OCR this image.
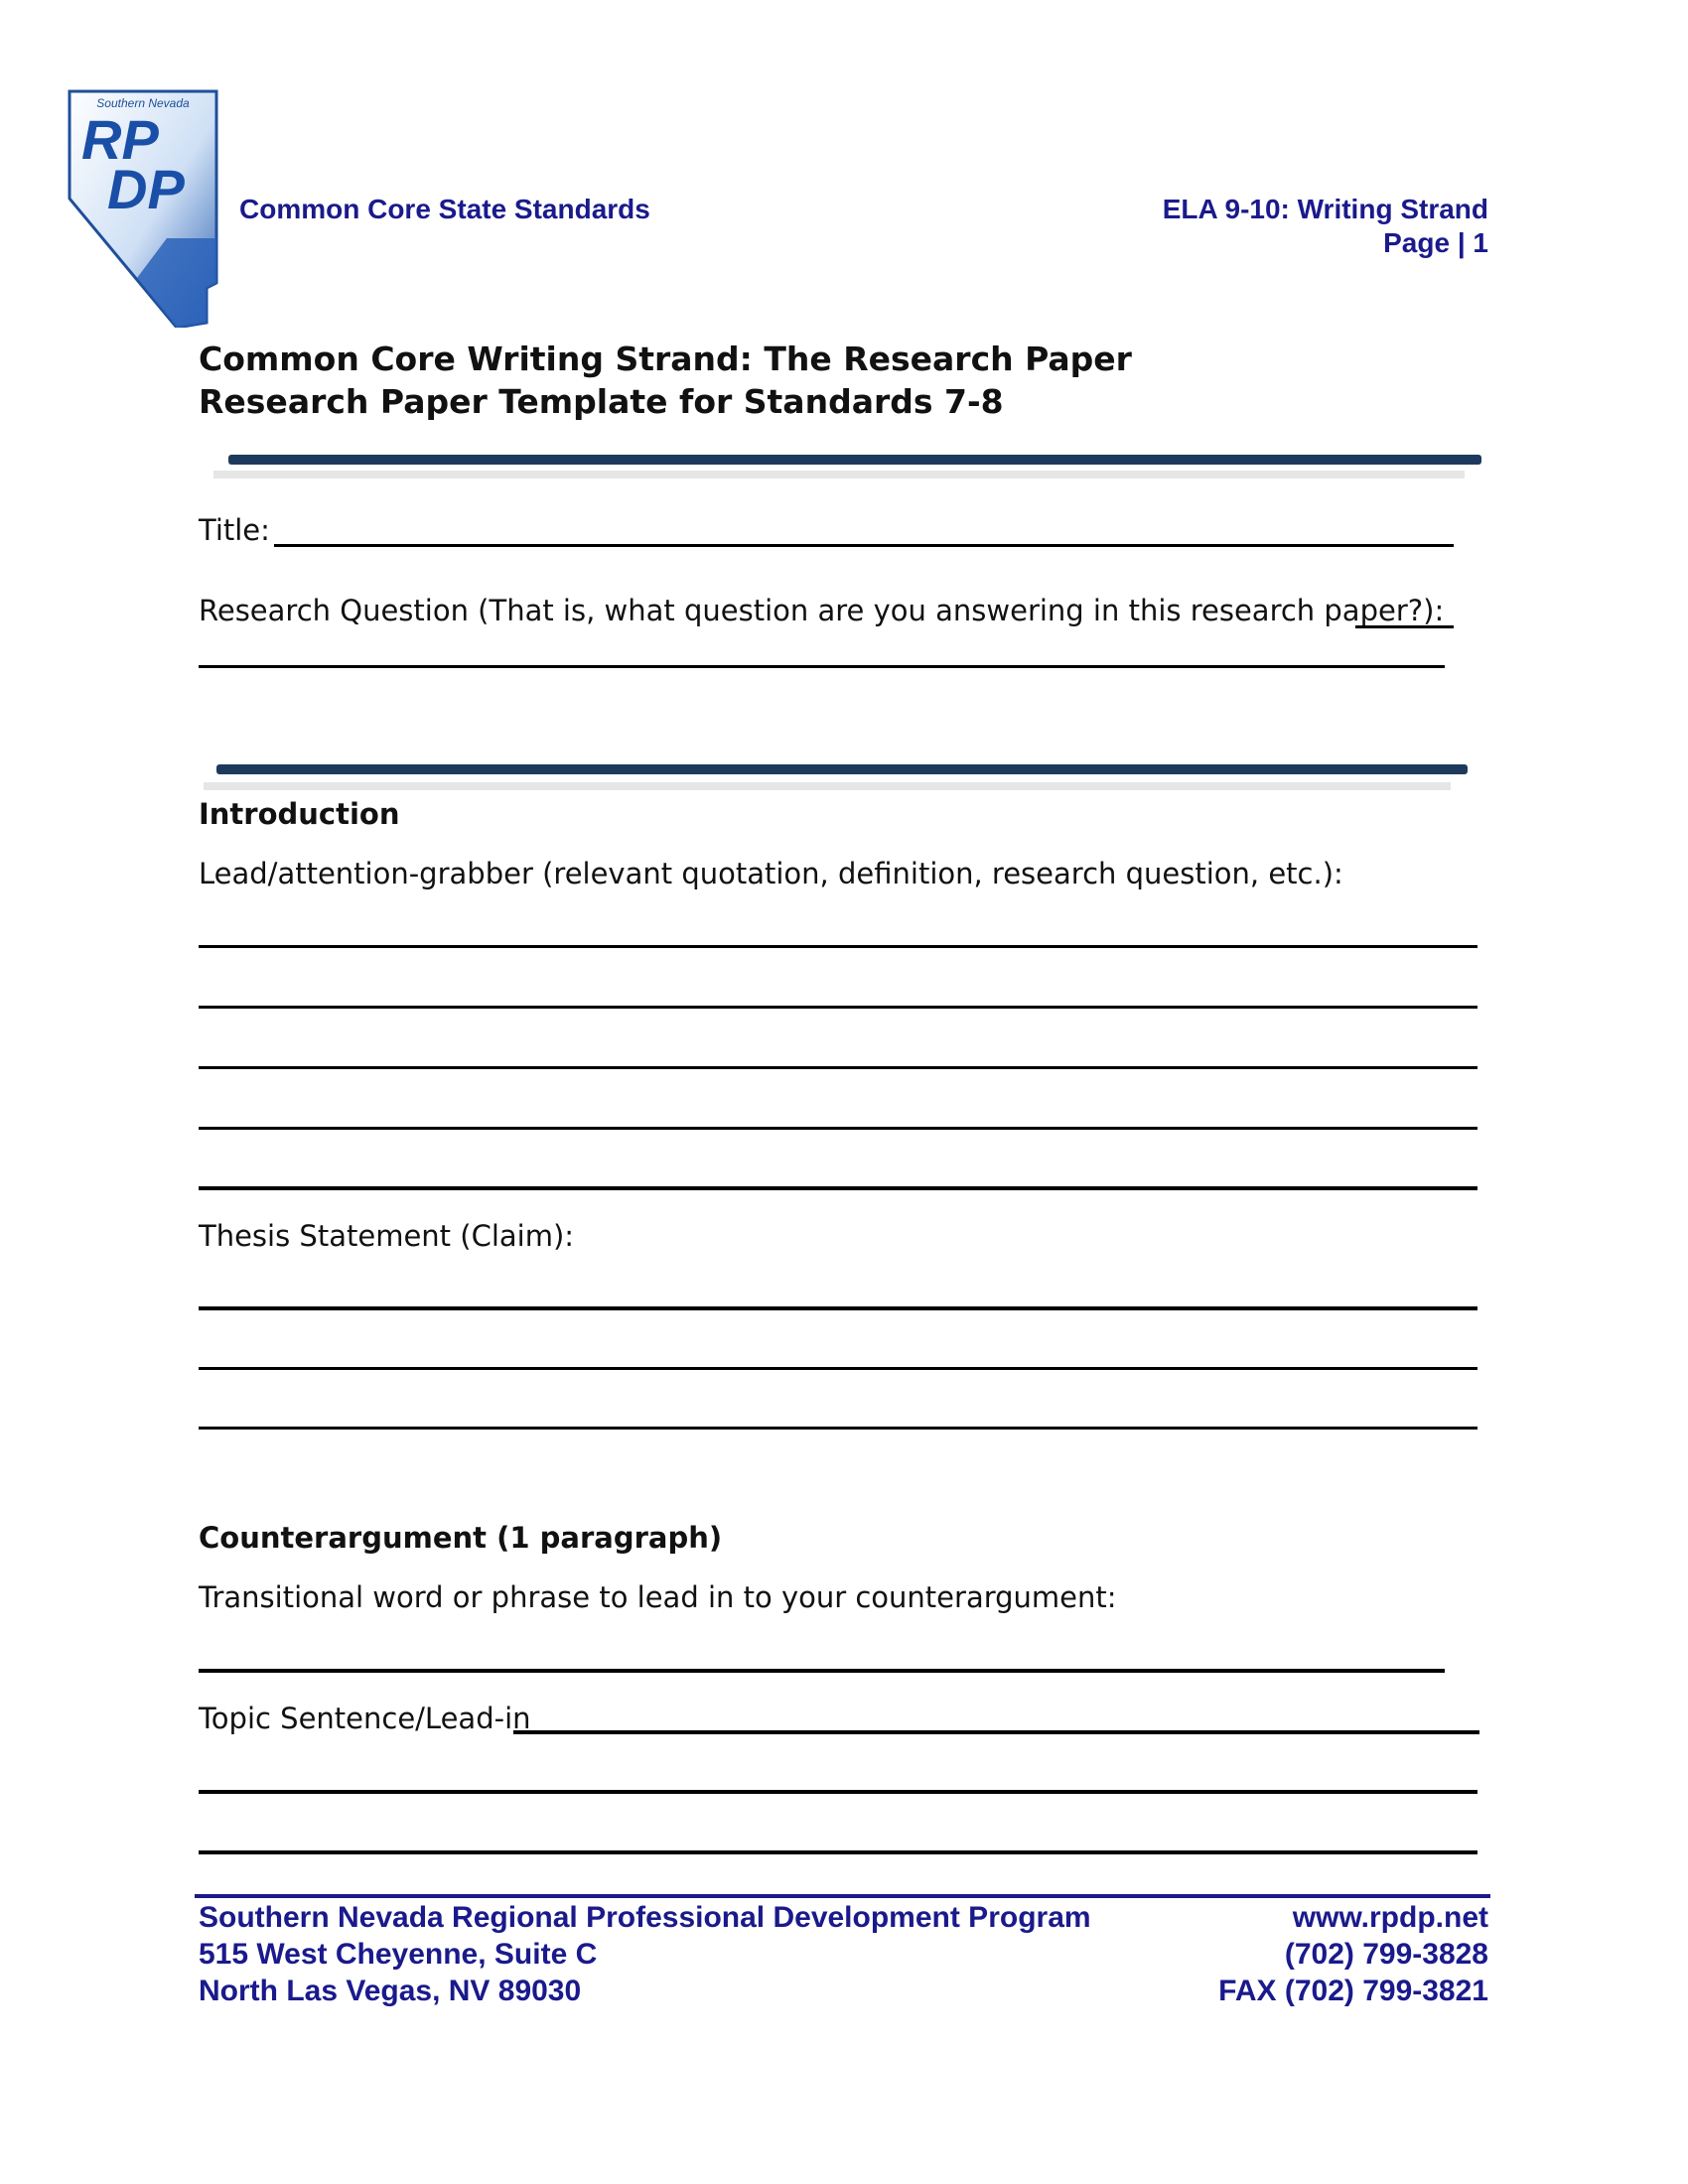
Southern Nevada
RP
DP Common Core State Standards	ELA 9-10: Writing Strand
Page | 1
Common Core Writing Strand: The Research Paper
Research Paper Template for Standards 7-8
Title:
Research Question (That is, what question are you answering in this research paper?):
Introduction
Lead/attention-grabber (relevant quotation, definition, research question, etc.):
Thesis Statement (Claim):
Counterargument (1 paragraph)
Transitional word or phrase to lead in to your counterargument:
Topic Sentence/Lead-in
Southern Nevada Regional Professional Development Program
515 West Cheyenne, Suite C
North Las Vegas, NV 89030
www.rpdp.net
(702) 799-3828
FAX (702) 799-3821
